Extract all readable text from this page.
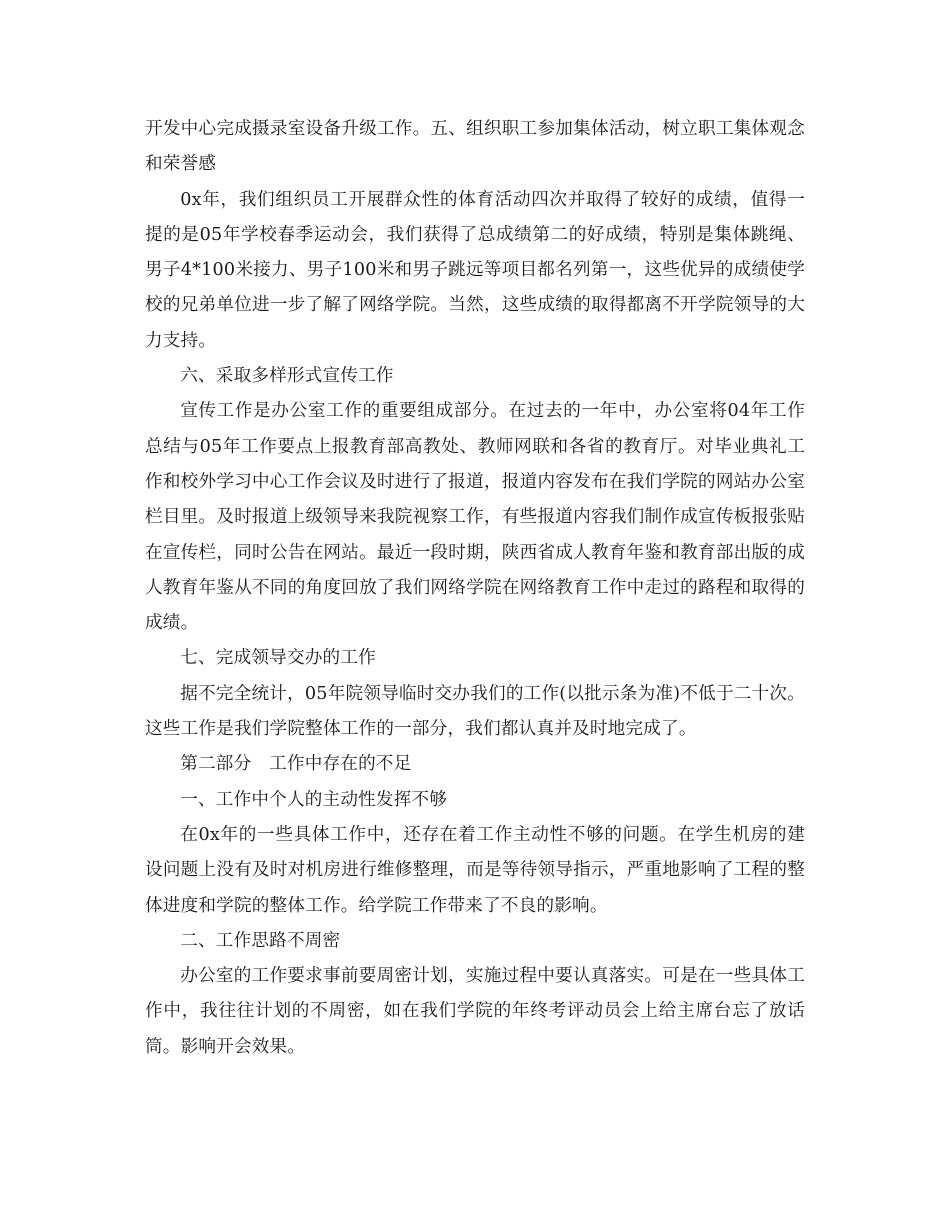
开发中心完成摄录室设备升级工作。五、组织职工参加集体活动，树立职工集体观念和荣誉感

0x年，我们组织员工开展群众性的体育活动四次并取得了较好的成绩，值得一提的是05年学校春季运动会，我们获得了总成绩第二的好成绩，特别是集体跳绳、男子4*100米接力、男子100米和男子跳远等项目都名列第一，这些优异的成绩使学校的兄弟单位进一步了解了网络学院。当然，这些成绩的取得都离不开学院领导的大力支持。

六、采取多样形式宣传工作

宣传工作是办公室工作的重要组成部分。在过去的一年中，办公室将04年工作总结与05年工作要点上报教育部高教处、教师网联和各省的教育厅。对毕业典礼工作和校外学习中心工作会议及时进行了报道，报道内容发布在我们学院的网站办公室栏目里。及时报道上级领导来我院视察工作，有些报道内容我们制作成宣传板报张贴在宣传栏，同时公告在网站。最近一段时期，陕西省成人教育年鉴和教育部出版的成人教育年鉴从不同的角度回放了我们网络学院在网络教育工作中走过的路程和取得的成绩。

七、完成领导交办的工作

据不完全统计，05年院领导临时交办我们的工作(以批示条为准)不低于二十次。这些工作是我们学院整体工作的一部分，我们都认真并及时地完成了。

第二部分　工作中存在的不足

一、工作中个人的主动性发挥不够

在0x年的一些具体工作中，还存在着工作主动性不够的问题。在学生机房的建设问题上没有及时对机房进行维修整理，而是等待领导指示，严重地影响了工程的整体进度和学院的整体工作。给学院工作带来了不良的影响。

二、工作思路不周密

办公室的工作要求事前要周密计划，实施过程中要认真落实。可是在一些具体工作中，我往往计划的不周密，如在我们学院的年终考评动员会上给主席台忘了放话筒。影响开会效果。
